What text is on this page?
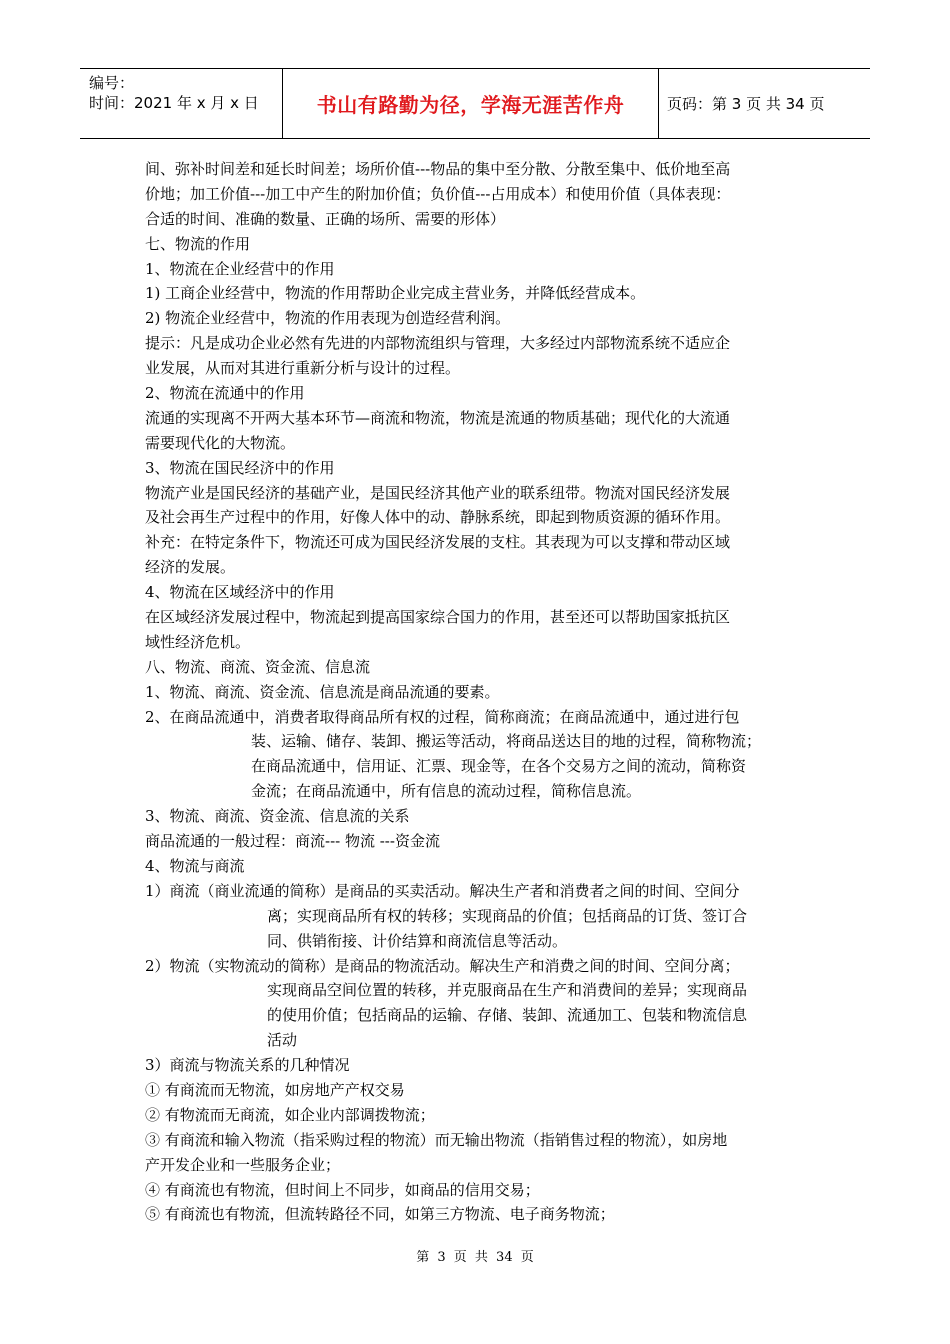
编号：
时间：2021 年 x 月 x 日	书山有路勤为径，学海无涯苦作舟	页码：第 3 页 共 34 页
间、弥补时间差和延长时间差；场所价值---物品的集中至分散、分散至集中、低价地至高
价地；加工价值---加工中产生的附加价值；负价值---占用成本）和使用价值（具体表现：
合适的时间、准确的数量、正确的场所、需要的形体）
七、物流的作用
1、物流在企业经营中的作用
1) 工商企业经营中，物流的作用帮助企业完成主营业务，并降低经营成本。
2) 物流企业经营中，物流的作用表现为创造经营利润。
提示：凡是成功企业必然有先进的内部物流组织与管理，大多经过内部物流系统不适应企
业发展，从而对其进行重新分析与设计的过程。
2、物流在流通中的作用
流通的实现离不开两大基本环节—商流和物流，物流是流通的物质基础；现代化的大流通
需要现代化的大物流。
3、物流在国民经济中的作用
物流产业是国民经济的基础产业，是国民经济其他产业的联系纽带。物流对国民经济发展
及社会再生产过程中的作用，好像人体中的动、静脉系统，即起到物质资源的循环作用。
补充：在特定条件下，物流还可成为国民经济发展的支柱。其表现为可以支撑和带动区域
经济的发展。
4、物流在区域经济中的作用
在区域经济发展过程中，物流起到提高国家综合国力的作用，甚至还可以帮助国家抵抗区
域性经济危机。
八、物流、商流、资金流、信息流
1、物流、商流、资金流、信息流是商品流通的要素。
2、在商品流通中，消费者取得商品所有权的过程，简称商流；在商品流通中，通过进行包
装、运输、储存、装卸、搬运等活动，将商品送达目的地的过程，简称物流；
在商品流通中，信用证、汇票、现金等，在各个交易方之间的流动，简称资
金流；在商品流通中，所有信息的流动过程，简称信息流。
3、物流、商流、资金流、信息流的关系
商品流通的一般过程：商流--- 物流 ---资金流
4、物流与商流
1）商流（商业流通的简称）是商品的买卖活动。解决生产者和消费者之间的时间、空间分
离；实现商品所有权的转移；实现商品的价值；包括商品的订货、签订合
同、供销衔接、计价结算和商流信息等活动。
2）物流（实物流动的简称）是商品的物流活动。解决生产和消费之间的时间、空间分离；
实现商品空间位置的转移，并克服商品在生产和消费间的差异；实现商品
的使用价值；包括商品的运输、存储、装卸、流通加工、包装和物流信息
活动
3）商流与物流关系的几种情况
① 有商流而无物流，如房地产产权交易
② 有物流而无商流，如企业内部调拨物流；
③ 有商流和输入物流（指采购过程的物流）而无输出物流（指销售过程的物流），如房地
产开发企业和一些服务企业；
④ 有商流也有物流，但时间上不同步，如商品的信用交易；
⑤ 有商流也有物流，但流转路径不同，如第三方物流、电子商务物流；
第 3 页 共 34 页
